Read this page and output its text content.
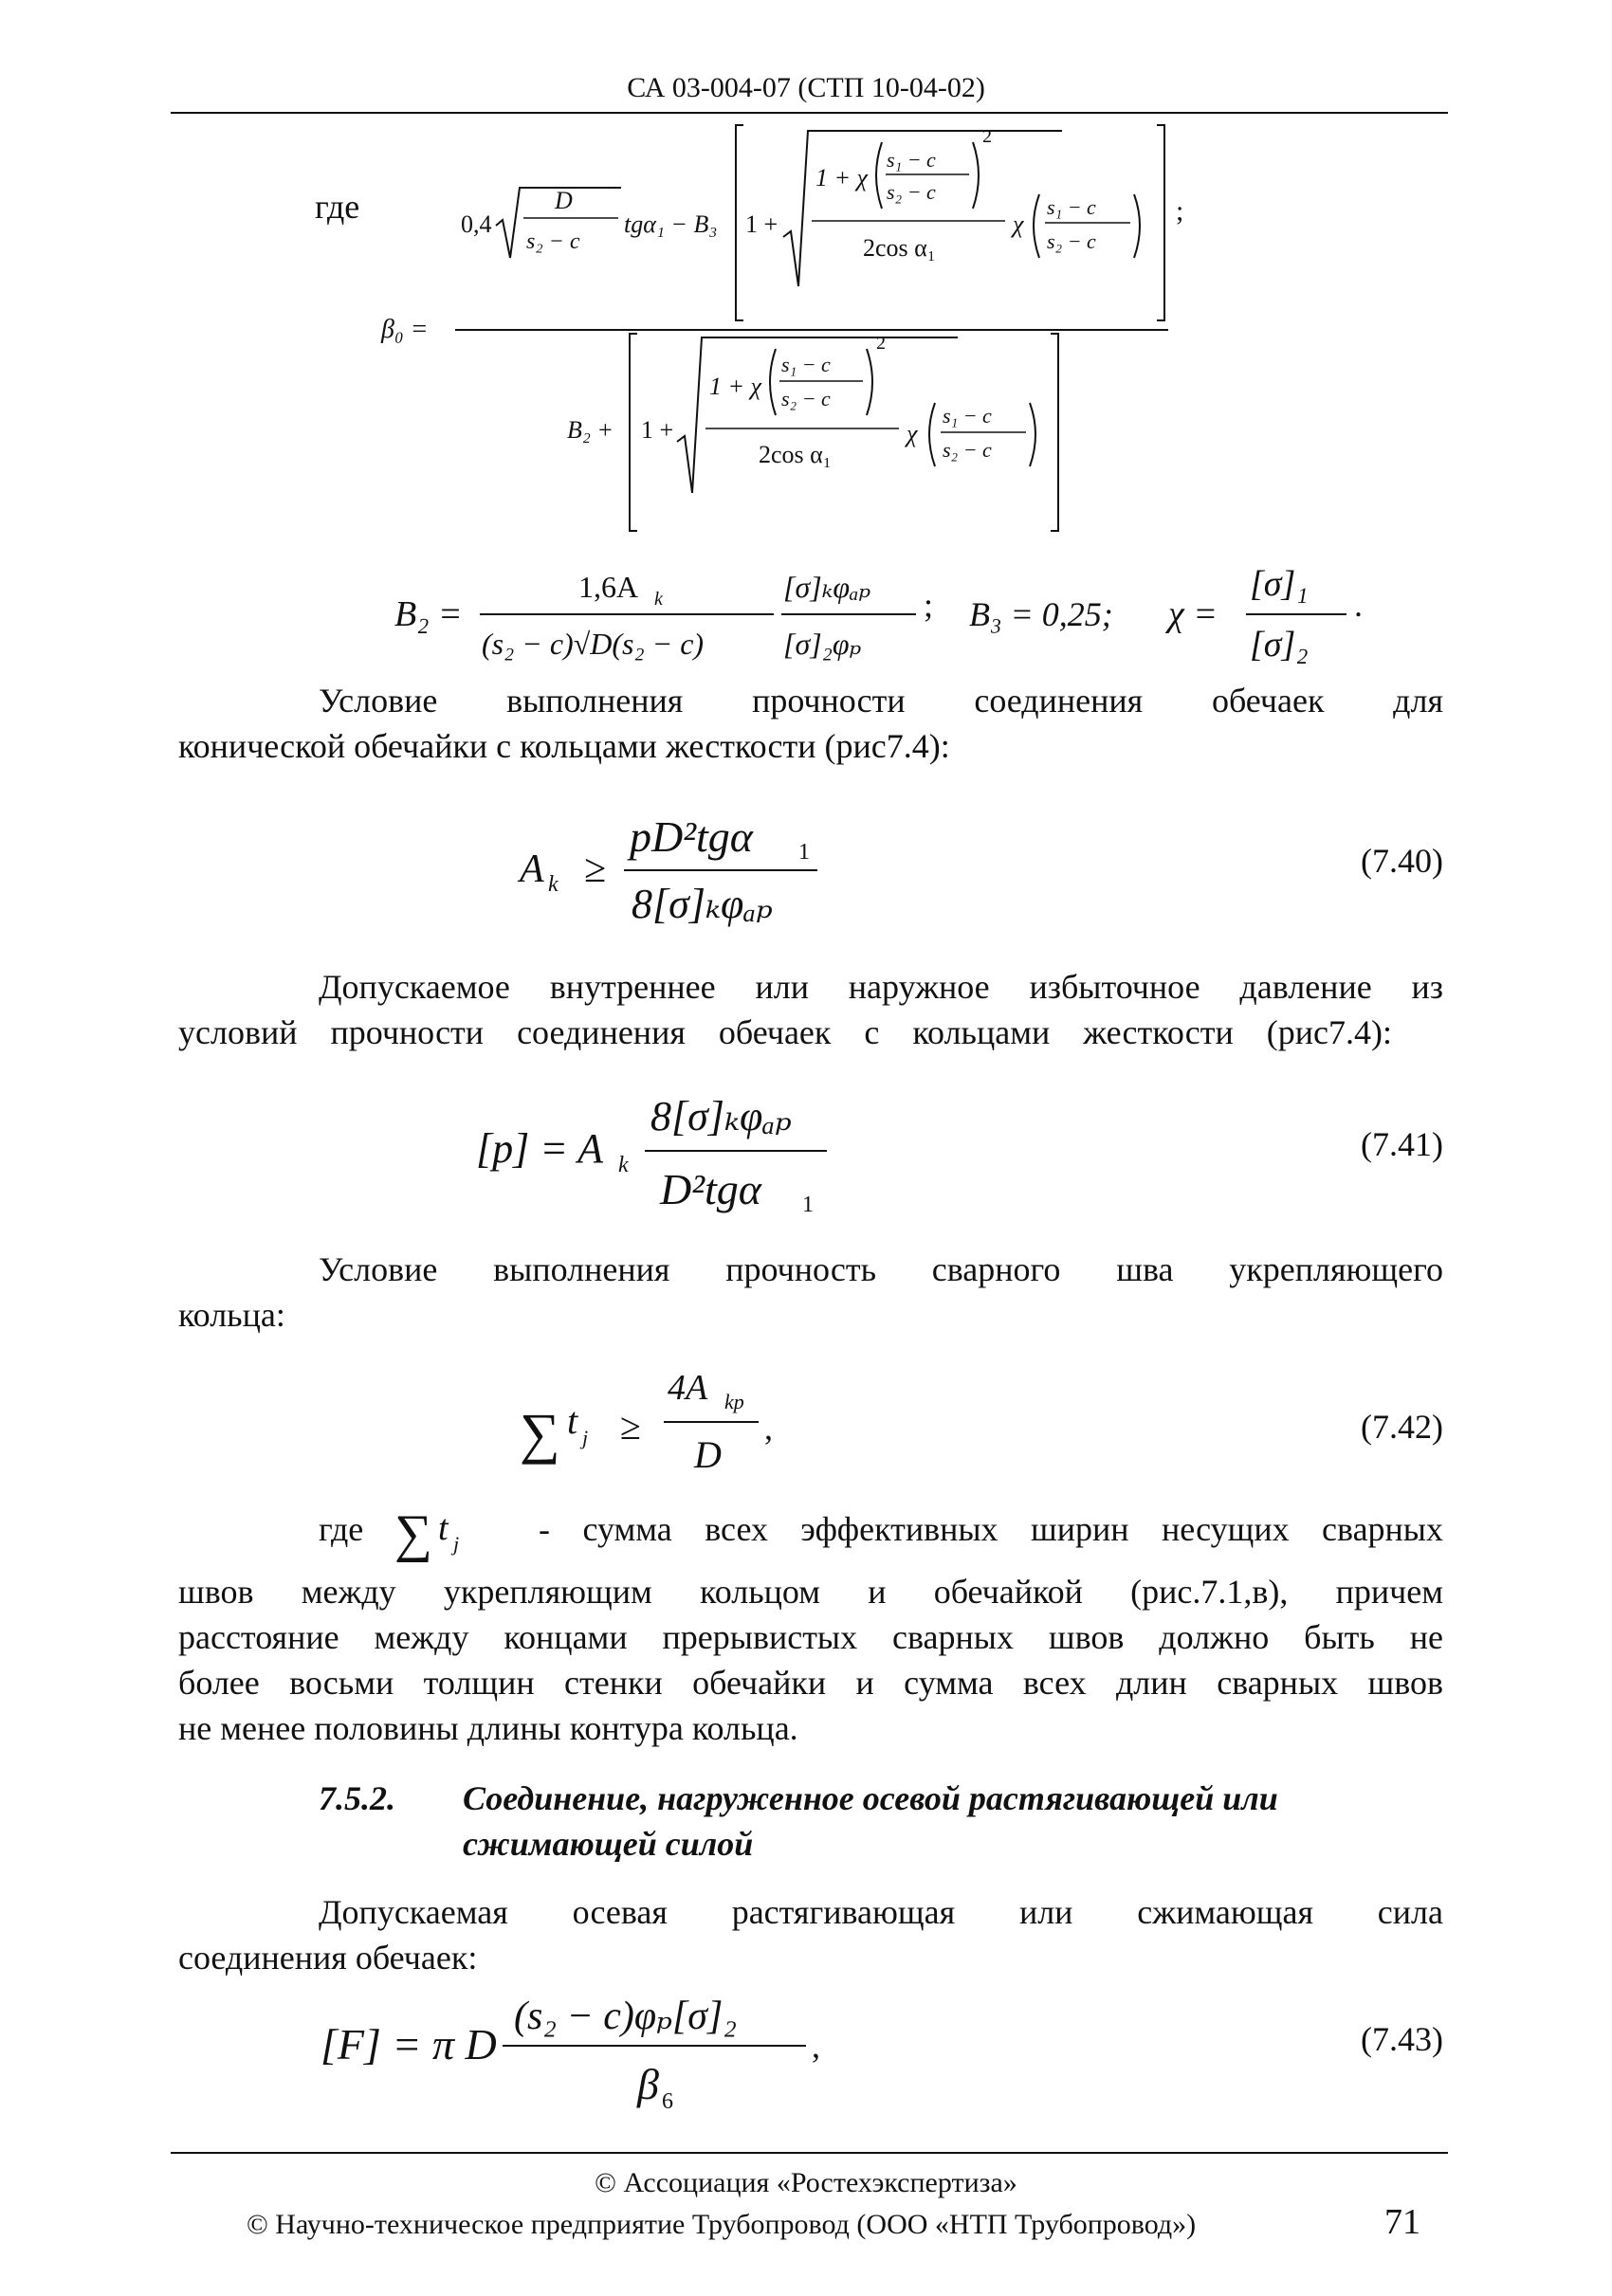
СА 03-004-07 (СТП 10-04-02)
где	0,4
D
s₂ − c
tgα₁ − B₃ 1 +
1 + χ
s₁ − c
s₂ − c
2
2cos α₁
χ
s₁ − c
s₂ − c
;
β₀ =
B₂ + 1 +
1 + χ
s₁ − c
s₂ − c
2
2cos α₁
χ
s₁ − c
s₂ − c
B₂ =
1,6A k
(s₂ − c)√D(s₂ − c)
[σ]ₖφₐₚ
[σ]₂φₚ
; B₃ = 0,25; χ =
[σ]₁
[σ]₂
.
Условие выполнения прочности соединения обечаек для
конической обечайки с кольцами жесткости (рис7.4):
A k ≥
pD²tgα 1
8[σ]ₖφₐₚ
(7.40)
Допускаемое внутреннее или наружное избыточное давление из
условий прочности соединения обечаек с кольцами жесткости (рис7.4):
[p] = A k
8[σ]ₖφₐₚ
D²tgα 1
(7.41)
Условие выполнения прочность сварного шва укрепляющего
кольца:
∑ t j ≥
4A kp
D
,	(7.42)
где ∑ t j - сумма всех эффективных ширин несущих сварных
швов между укрепляющим кольцом и обечайкой (рис.7.1,в), причем
расстояние между концами прерывистых сварных швов должно быть не
более восьми толщин стенки обечайки и сумма всех длин сварных швов
не менее половины длины контура кольца.
7.5.2. Соединение, нагруженное осевой растягивающей или
сжимающей силой
Допускаемая осевая растягивающая или сжимающая сила
соединения обечаек:
[F] = π D
(s₂ − c)φₚ[σ]₂
β 6
,	(7.43)
© Ассоциация «Ростехэкспертиза»
© Научно-техническое предприятие Трубопровод (ООО «НТП Трубопровод»)	71
